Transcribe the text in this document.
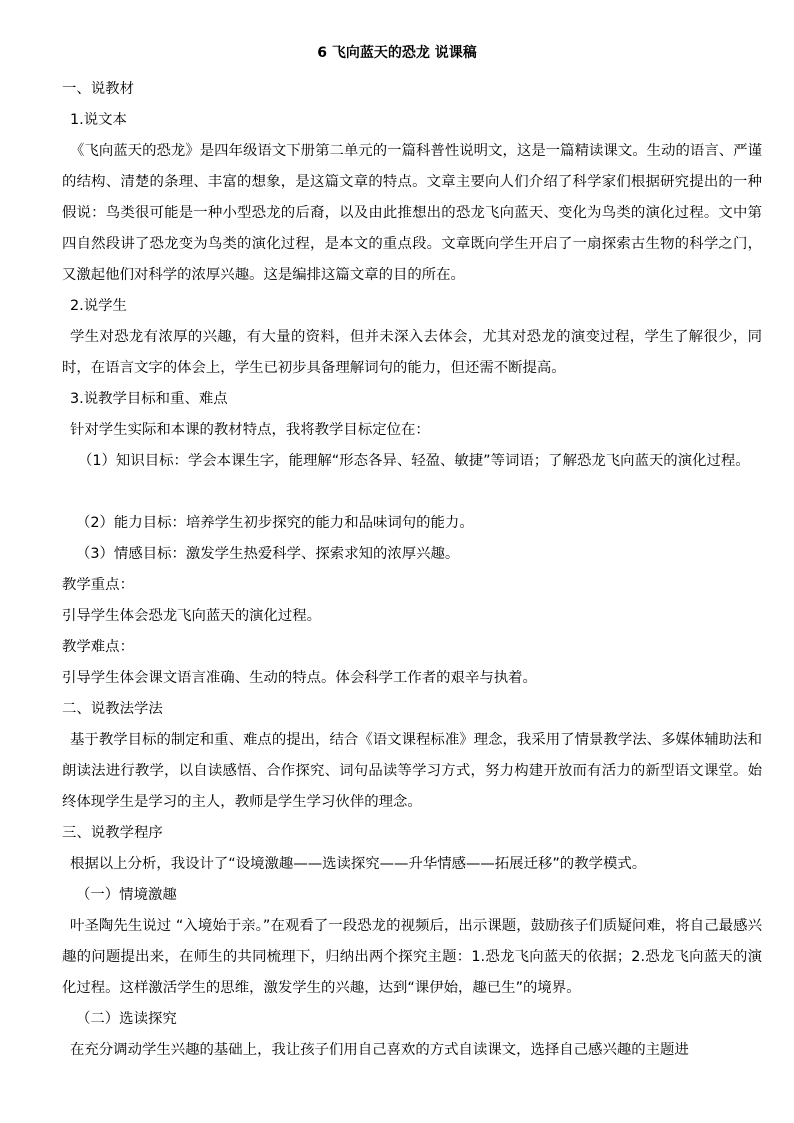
6 飞向蓝天的恐龙 说课稿

一、说教材

1.说文本

《飞向蓝天的恐龙》是四年级语文下册第二单元的一篇科普性说明文，这是一篇精读课文。生动的语言、严谨的结构、清楚的条理、丰富的想象，是这篇文章的特点。文章主要向人们介绍了科学家们根据研究提出的一种假说：鸟类很可能是一种小型恐龙的后裔，以及由此推想出的恐龙飞向蓝天、变化为鸟类的演化过程。文中第四自然段讲了恐龙变为鸟类的演化过程，是本文的重点段。文章既向学生开启了一扇探索古生物的科学之门，又激起他们对科学的浓厚兴趣。这是编排这篇文章的目的所在。

2.说学生

学生对恐龙有浓厚的兴趣，有大量的资料，但并未深入去体会，尤其对恐龙的演变过程，学生了解很少，同时，在语言文字的体会上，学生已初步具备理解词句的能力，但还需不断提高。

3.说教学目标和重、难点

针对学生实际和本课的教材特点，我将教学目标定位在：

（1）知识目标：学会本课生字，能理解“形态各异、轻盈、敏捷”等词语；了解恐龙飞向蓝天的演化过程。

（2）能力目标：培养学生初步探究的能力和品味词句的能力。

（3）情感目标：激发学生热爱科学、探索求知的浓厚兴趣。

教学重点：

引导学生体会恐龙飞向蓝天的演化过程。

教学难点：

引导学生体会课文语言准确、生动的特点。体会科学工作者的艰辛与执着。

二、说教法学法

基于教学目标的制定和重、难点的提出，结合《语文课程标准》理念，我采用了情景教学法、多媒体辅助法和朗读法进行教学，以自读感悟、合作探究、词句品读等学习方式，努力构建开放而有活力的新型语文课堂。始终体现学生是学习的主人，教师是学生学习伙伴的理念。

三、说教学程序

根据以上分析，我设计了“设境激趣——选读探究——升华情感——拓展迁移”的教学模式。

（一）情境激趣

叶圣陶先生说过 “入境始于亲。”在观看了一段恐龙的视频后，出示课题，鼓励孩子们质疑问难，将自己最感兴趣的问题提出来，在师生的共同梳理下，归纳出两个探究主题：1.恐龙飞向蓝天的依据；2.恐龙飞向蓝天的演化过程。这样激活学生的思维，激发学生的兴趣，达到“课伊始，趣已生”的境界。

（二）选读探究

在充分调动学生兴趣的基础上，我让孩子们用自己喜欢的方式自读课文，选择自己感兴趣的主题进
